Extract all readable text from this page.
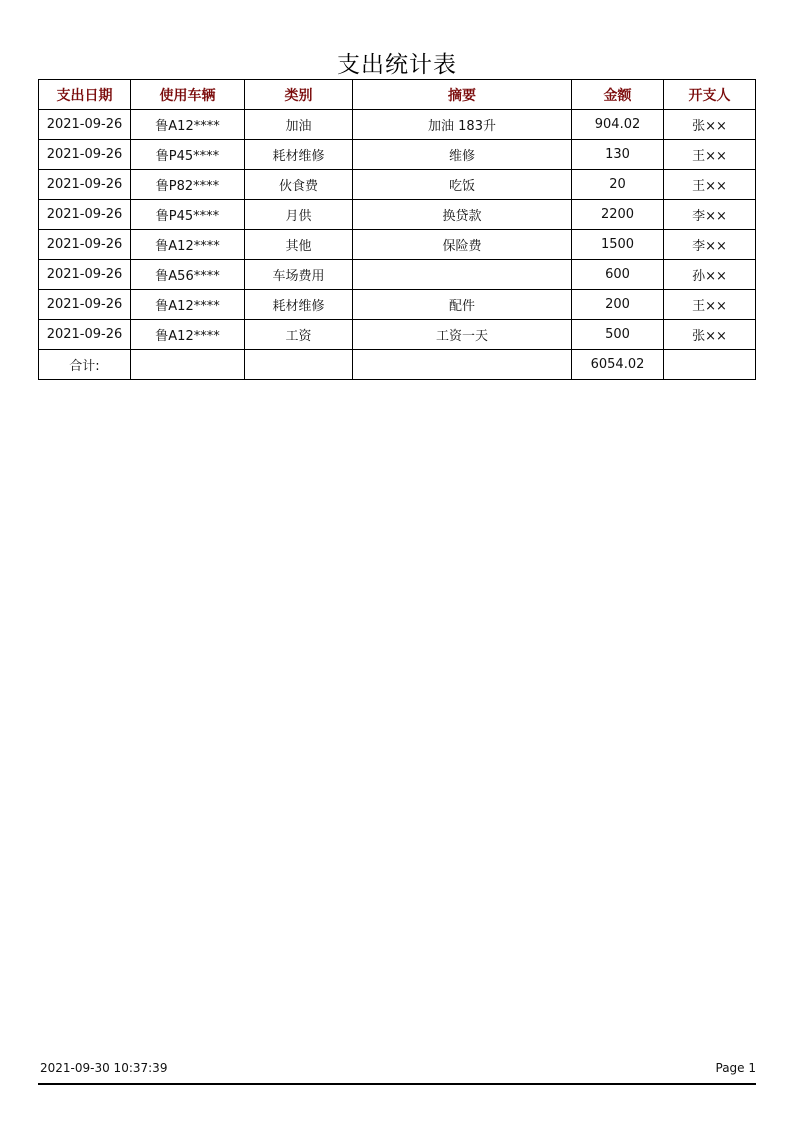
支出统计表
支出日期	使用车辆	类别	摘要	金额	开支人
2021-09-26	鲁A12****	加油	加油 183升	904.02	张××
2021-09-26	鲁P45****	耗材维修	维修	130	王××
2021-09-26	鲁P82****	伙食费	吃饭	20	王××
2021-09-26	鲁P45****	月供	换贷款	2200	李××
2021-09-26	鲁A12****	其他	保险费	1500	李××
2021-09-26	鲁A56****	车场费用		600	孙××
2021-09-26	鲁A12****	耗材维修	配件	200	王××
2021-09-26	鲁A12****	工资	工资一天	500	张××
合计:				6054.02	
2021-09-30 10:37:39	Page 1
